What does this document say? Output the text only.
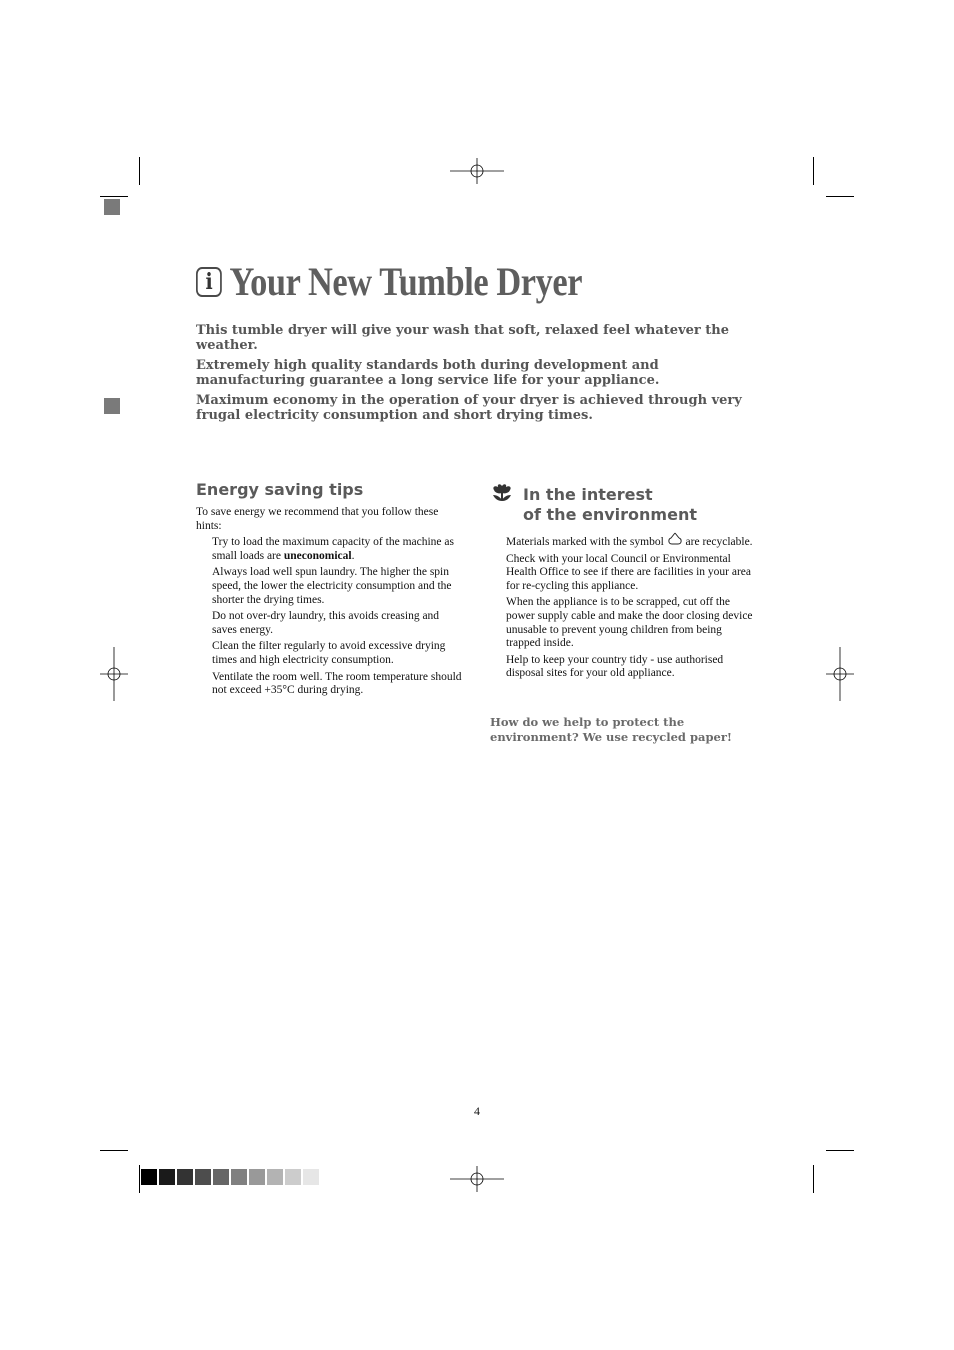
i Your New Tumble Dryer

This tumble dryer will give your wash that soft, relaxed feel whatever the weather.

Extremely high quality standards both during development and manufacturing guarantee a long service life for your appliance.

Maximum economy in the operation of your dryer is achieved through very frugal electricity consumption and short drying times.

Energy saving tips

To save energy we recommend that you follow these hints:

Try to load the maximum capacity of the machine as small loads are uneconomical.

Always load well spun laundry. The higher the spin speed, the lower the electricity consumption and the shorter the drying times.

Do not over-dry laundry, this avoids creasing and saves energy.

Clean the filter regularly to avoid excessive drying times and high electricity consumption.

Ventilate the room well. The room temperature should not exceed +35°C during drying.

In the interest
of the environment

Materials marked with the symbol are recyclable.

Check with your local Council or Environmental Health Office to see if there are facilities in your area for re-cycling this appliance.

When the appliance is to be scrapped, cut off the power supply cable and make the door closing device unusable to prevent young children from being trapped inside.

Help to keep your country tidy - use authorised disposal sites for your old appliance.

How do we help to protect the environment? We use recycled paper!
4
